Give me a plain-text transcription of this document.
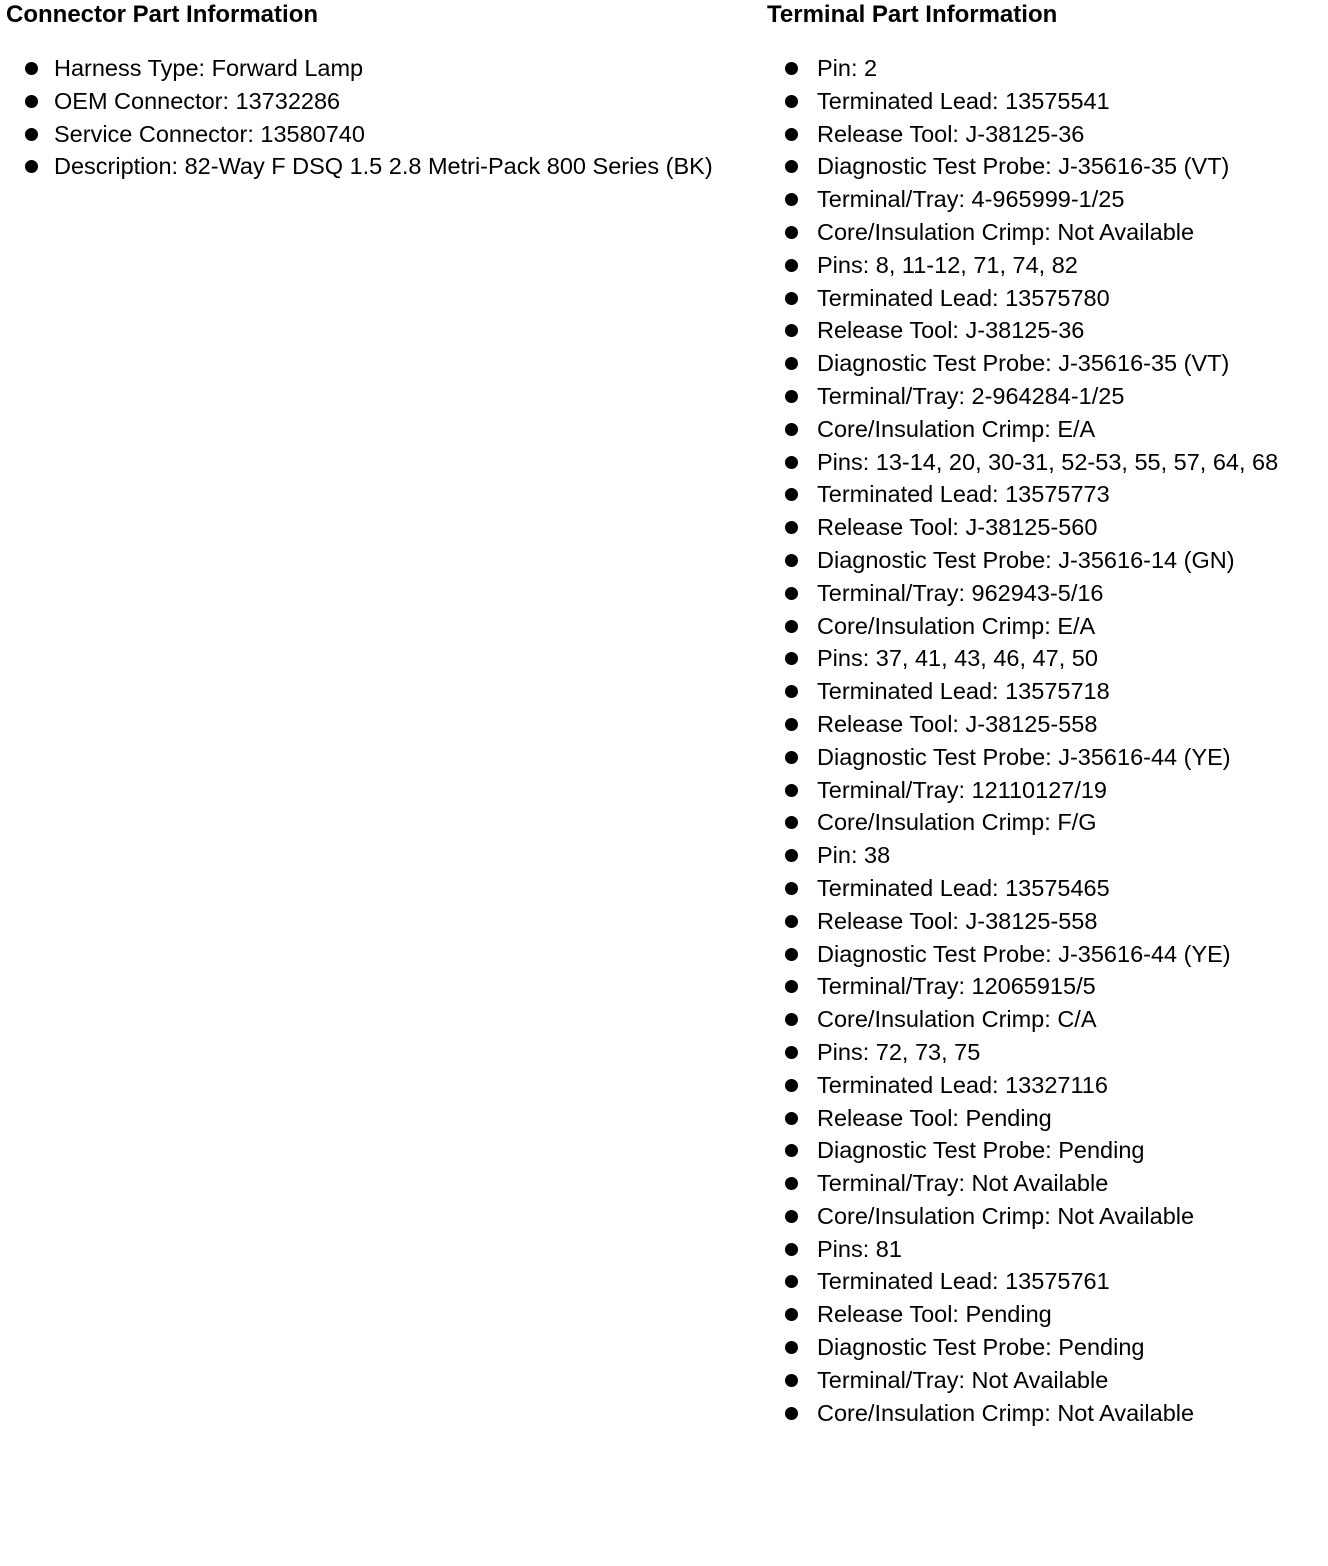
Connector Part Information
Harness Type: Forward Lamp
OEM Connector: 13732286
Service Connector: 13580740
Description: 82-Way F DSQ 1.5 2.8 Metri-Pack 800 Series (BK)
Terminal Part Information
Pin: 2
Terminated Lead: 13575541
Release Tool: J-38125-36
Diagnostic Test Probe: J-35616-35 (VT)
Terminal/Tray: 4-965999-1/25
Core/Insulation Crimp: Not Available
Pins: 8, 11-12, 71, 74, 82
Terminated Lead: 13575780
Release Tool: J-38125-36
Diagnostic Test Probe: J-35616-35 (VT)
Terminal/Tray: 2-964284-1/25
Core/Insulation Crimp: E/A
Pins: 13-14, 20, 30-31, 52-53, 55, 57, 64, 68
Terminated Lead: 13575773
Release Tool: J-38125-560
Diagnostic Test Probe: J-35616-14 (GN)
Terminal/Tray: 962943-5/16
Core/Insulation Crimp: E/A
Pins: 37, 41, 43, 46, 47, 50
Terminated Lead: 13575718
Release Tool: J-38125-558
Diagnostic Test Probe: J-35616-44 (YE)
Terminal/Tray: 12110127/19
Core/Insulation Crimp: F/G
Pin: 38
Terminated Lead: 13575465
Release Tool: J-38125-558
Diagnostic Test Probe: J-35616-44 (YE)
Terminal/Tray: 12065915/5
Core/Insulation Crimp: C/A
Pins: 72, 73, 75
Terminated Lead: 13327116
Release Tool: Pending
Diagnostic Test Probe: Pending
Terminal/Tray: Not Available
Core/Insulation Crimp: Not Available
Pins: 81
Terminated Lead: 13575761
Release Tool: Pending
Diagnostic Test Probe: Pending
Terminal/Tray: Not Available
Core/Insulation Crimp: Not Available
